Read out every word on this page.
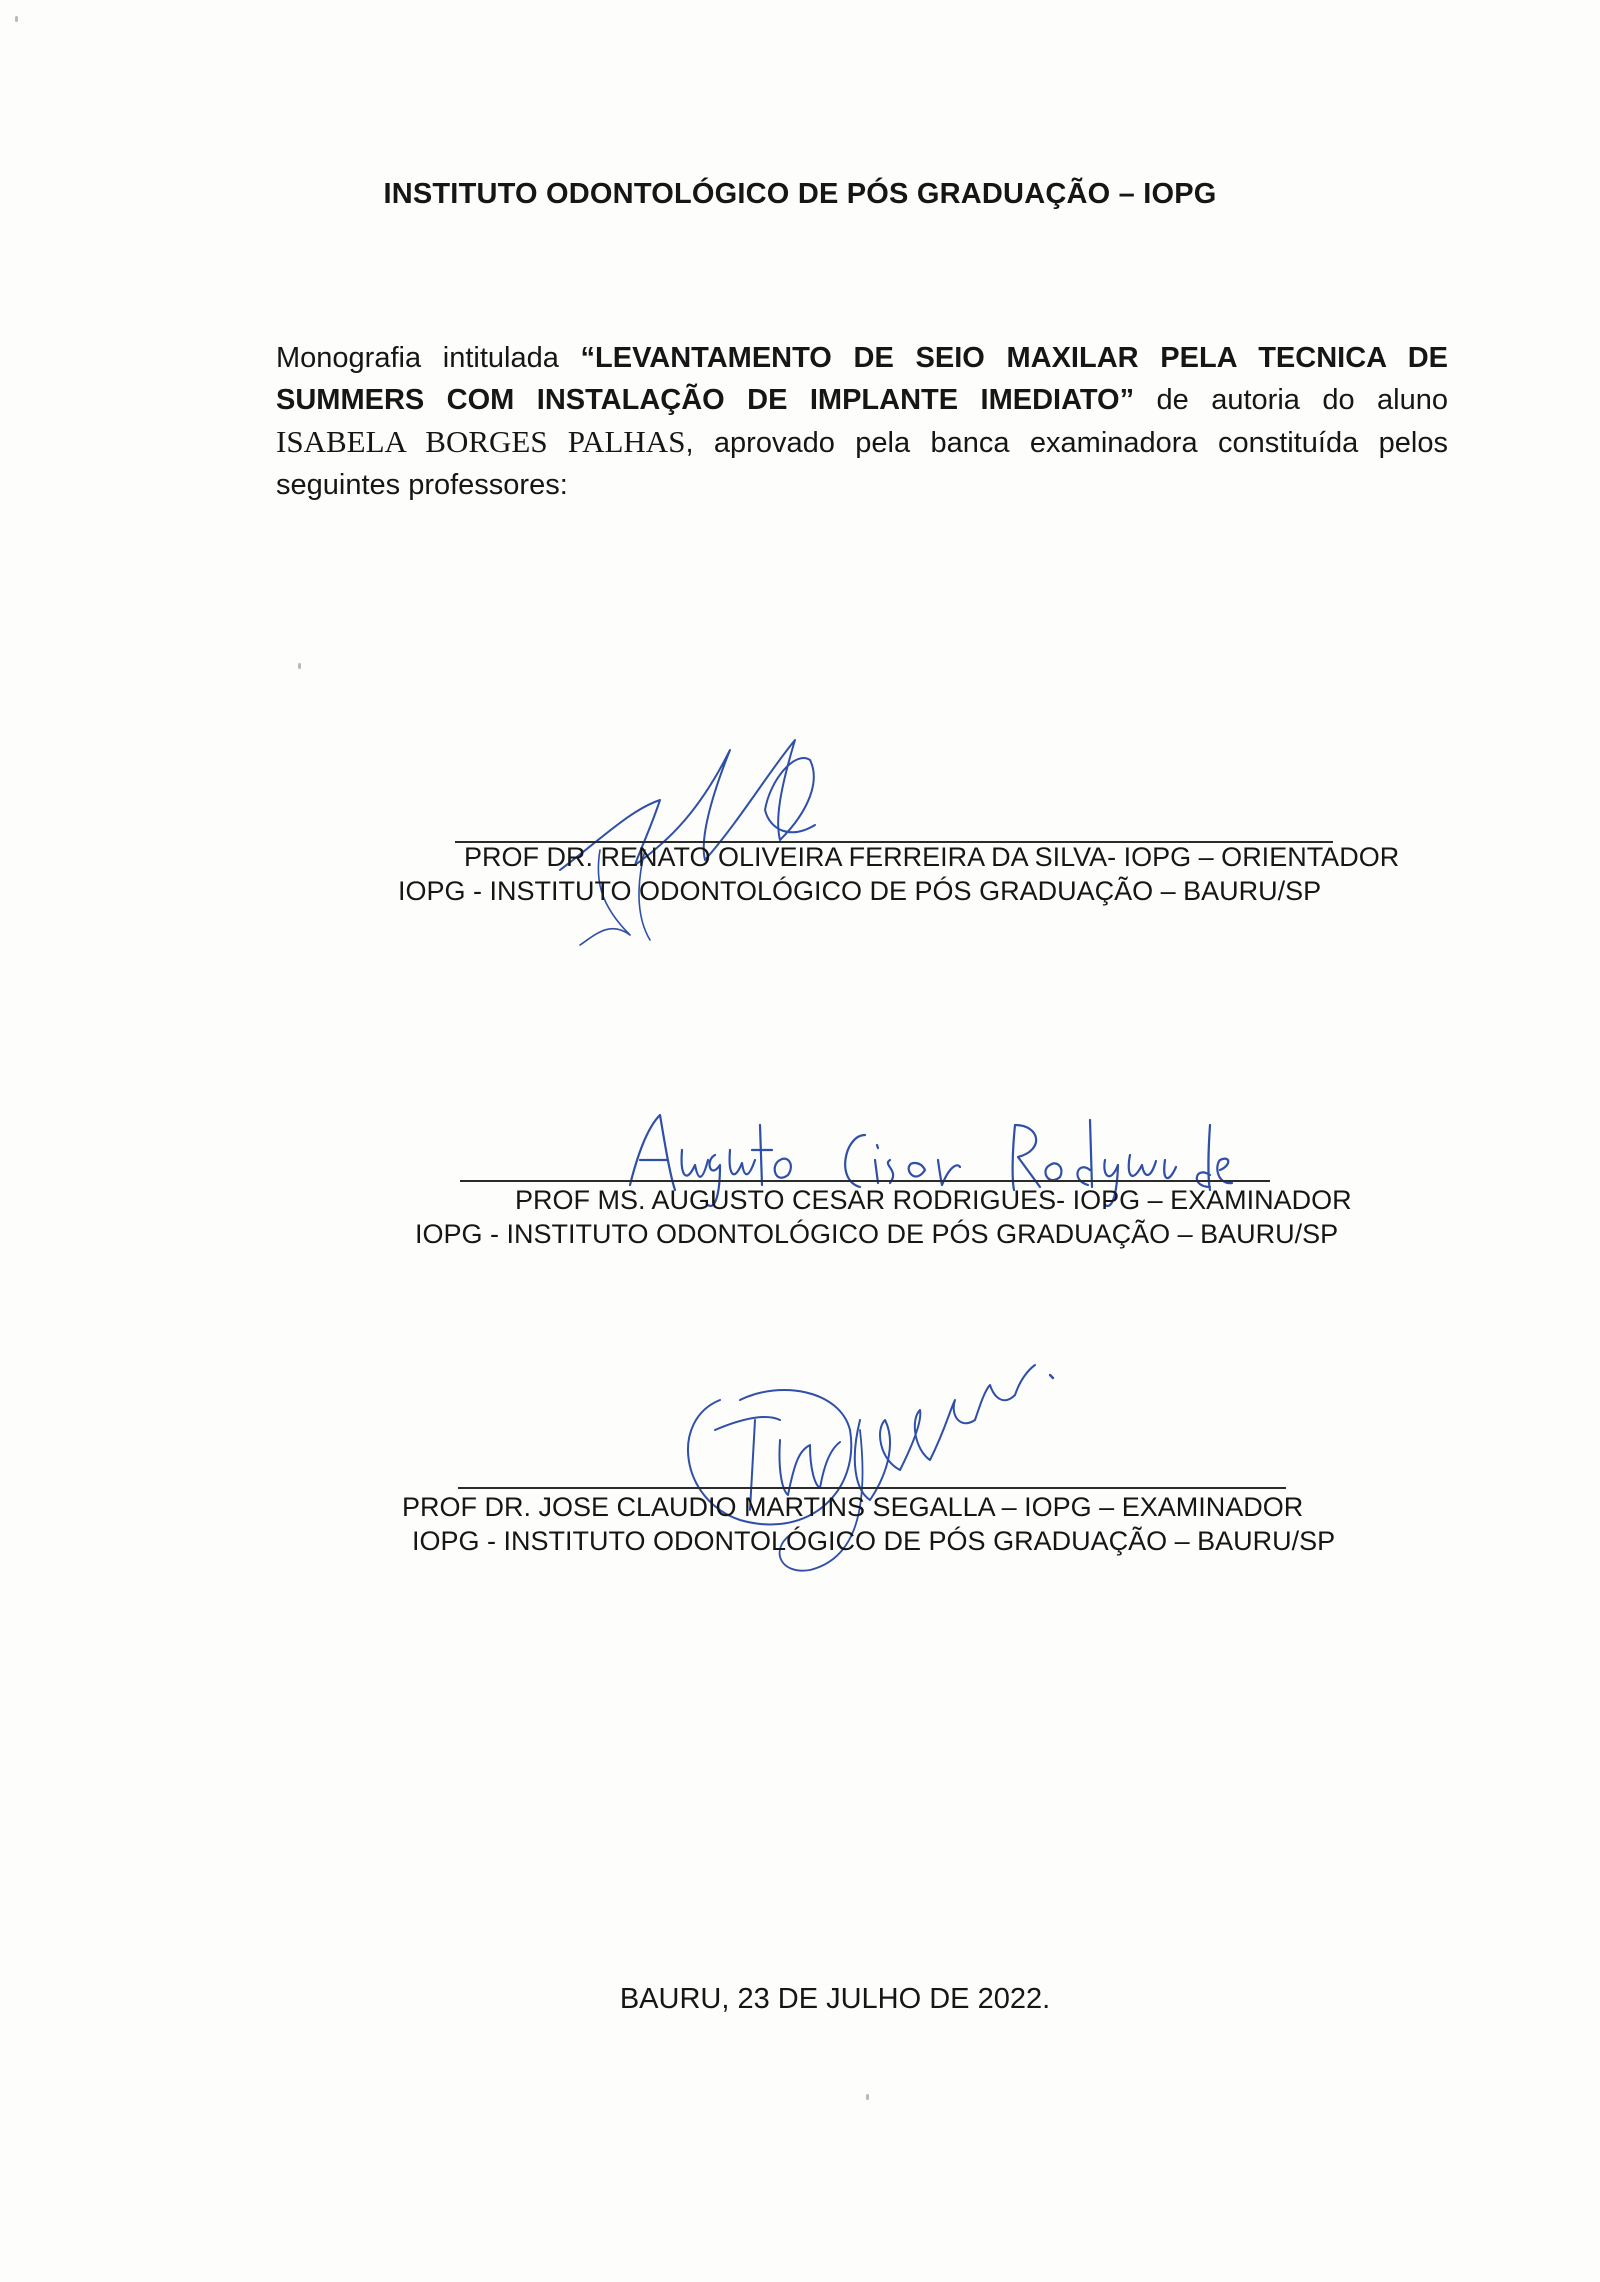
INSTITUTO ODONTOLÓGICO DE PÓS GRADUAÇÃO – IOPG
Monografia intitulada “LEVANTAMENTO DE SEIO MAXILAR PELA TECNICA DE SUMMERS COM INSTALAÇÃO DE IMPLANTE IMEDIATO” de autoria do aluno ISABELA BORGES PALHAS, aprovado pela banca examinadora constituída pelos seguintes professores:
PROF DR. RENATO OLIVEIRA FERREIRA DA SILVA- IOPG – ORIENTADOR
IOPG - INSTITUTO ODONTOLÓGICO DE PÓS GRADUAÇÃO – BAURU/SP
PROF MS. AUGUSTO CESAR RODRIGUES- IOPG – EXAMINADOR
IOPG - INSTITUTO ODONTOLÓGICO DE PÓS GRADUAÇÃO – BAURU/SP
PROF DR. JOSE CLAUDIO MARTINS SEGALLA – IOPG – EXAMINADOR
IOPG - INSTITUTO ODONTOLÓGICO DE PÓS GRADUAÇÃO – BAURU/SP
BAURU, 23 DE JULHO DE 2022.
